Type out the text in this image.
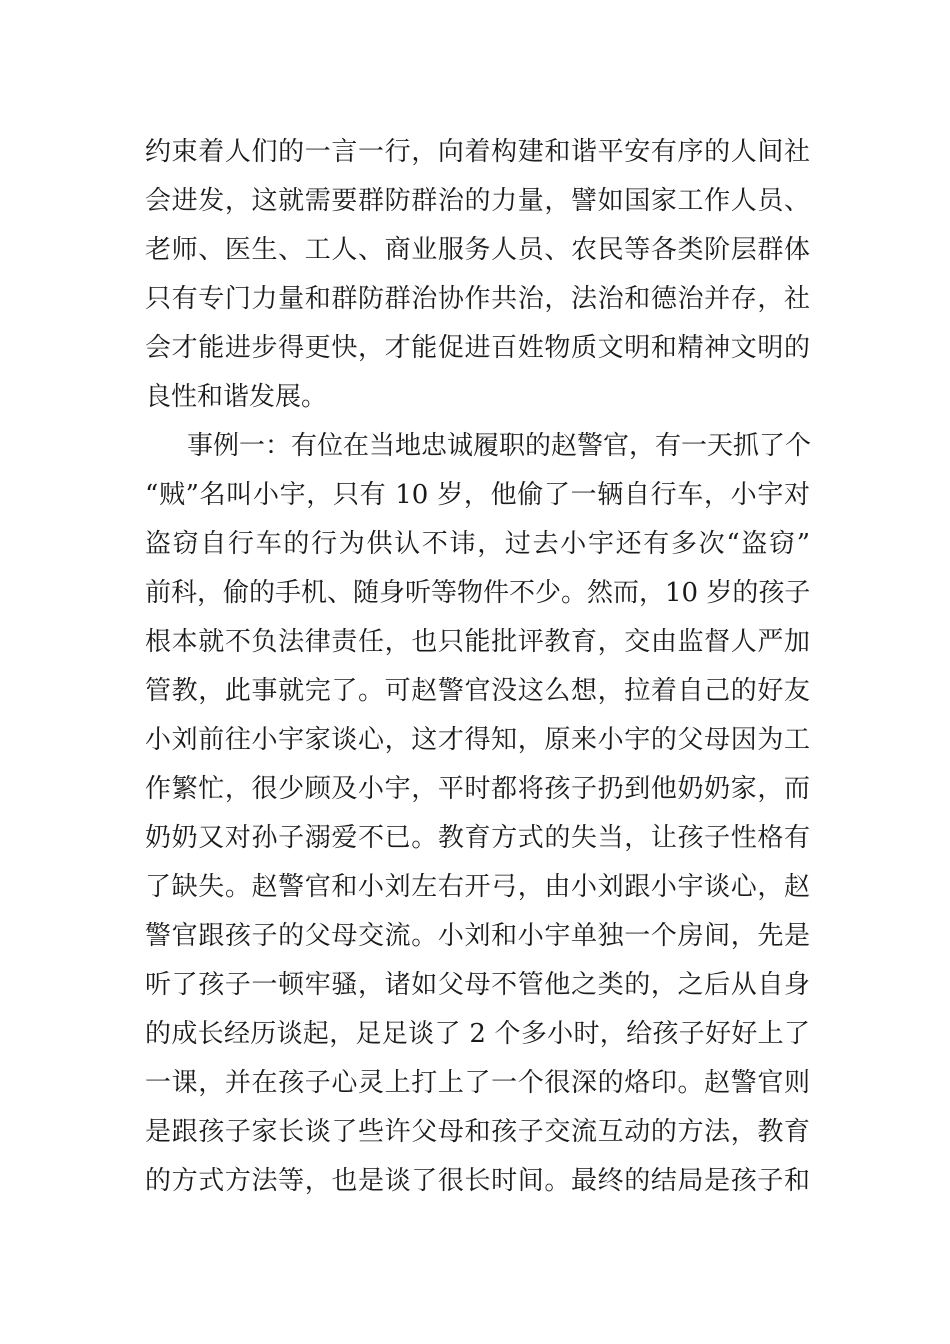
约束着人们的一言一行，向着构建和谐平安有序的人间社
会进发，这就需要群防群治的力量，譬如国家工作人员、
老师、医生、工人、商业服务人员、农民等各类阶层群体
只有专门力量和群防群治协作共治，法治和德治并存，社
会才能进步得更快，才能促进百姓物质文明和精神文明的
良性和谐发展。
事例一：有位在当地忠诚履职的赵警官，有一天抓了个
“贼”名叫小宇，只有 10 岁，他偷了一辆自行车，小宇对
盗窃自行车的行为供认不讳，过去小宇还有多次“盗窃”
前科，偷的手机、随身听等物件不少。然而，10 岁的孩子
根本就不负法律责任，也只能批评教育，交由监督人严加
管教，此事就完了。可赵警官没这么想，拉着自己的好友
小刘前往小宇家谈心，这才得知，原来小宇的父母因为工
作繁忙，很少顾及小宇，平时都将孩子扔到他奶奶家，而
奶奶又对孙子溺爱不已。教育方式的失当，让孩子性格有
了缺失。赵警官和小刘左右开弓，由小刘跟小宇谈心，赵
警官跟孩子的父母交流。小刘和小宇单独一个房间，先是
听了孩子一顿牢骚，诸如父母不管他之类的，之后从自身
的成长经历谈起，足足谈了 2 个多小时，给孩子好好上了
一课，并在孩子心灵上打上了一个很深的烙印。赵警官则
是跟孩子家长谈了些许父母和孩子交流互动的方法，教育
的方式方法等，也是谈了很长时间。最终的结局是孩子和
